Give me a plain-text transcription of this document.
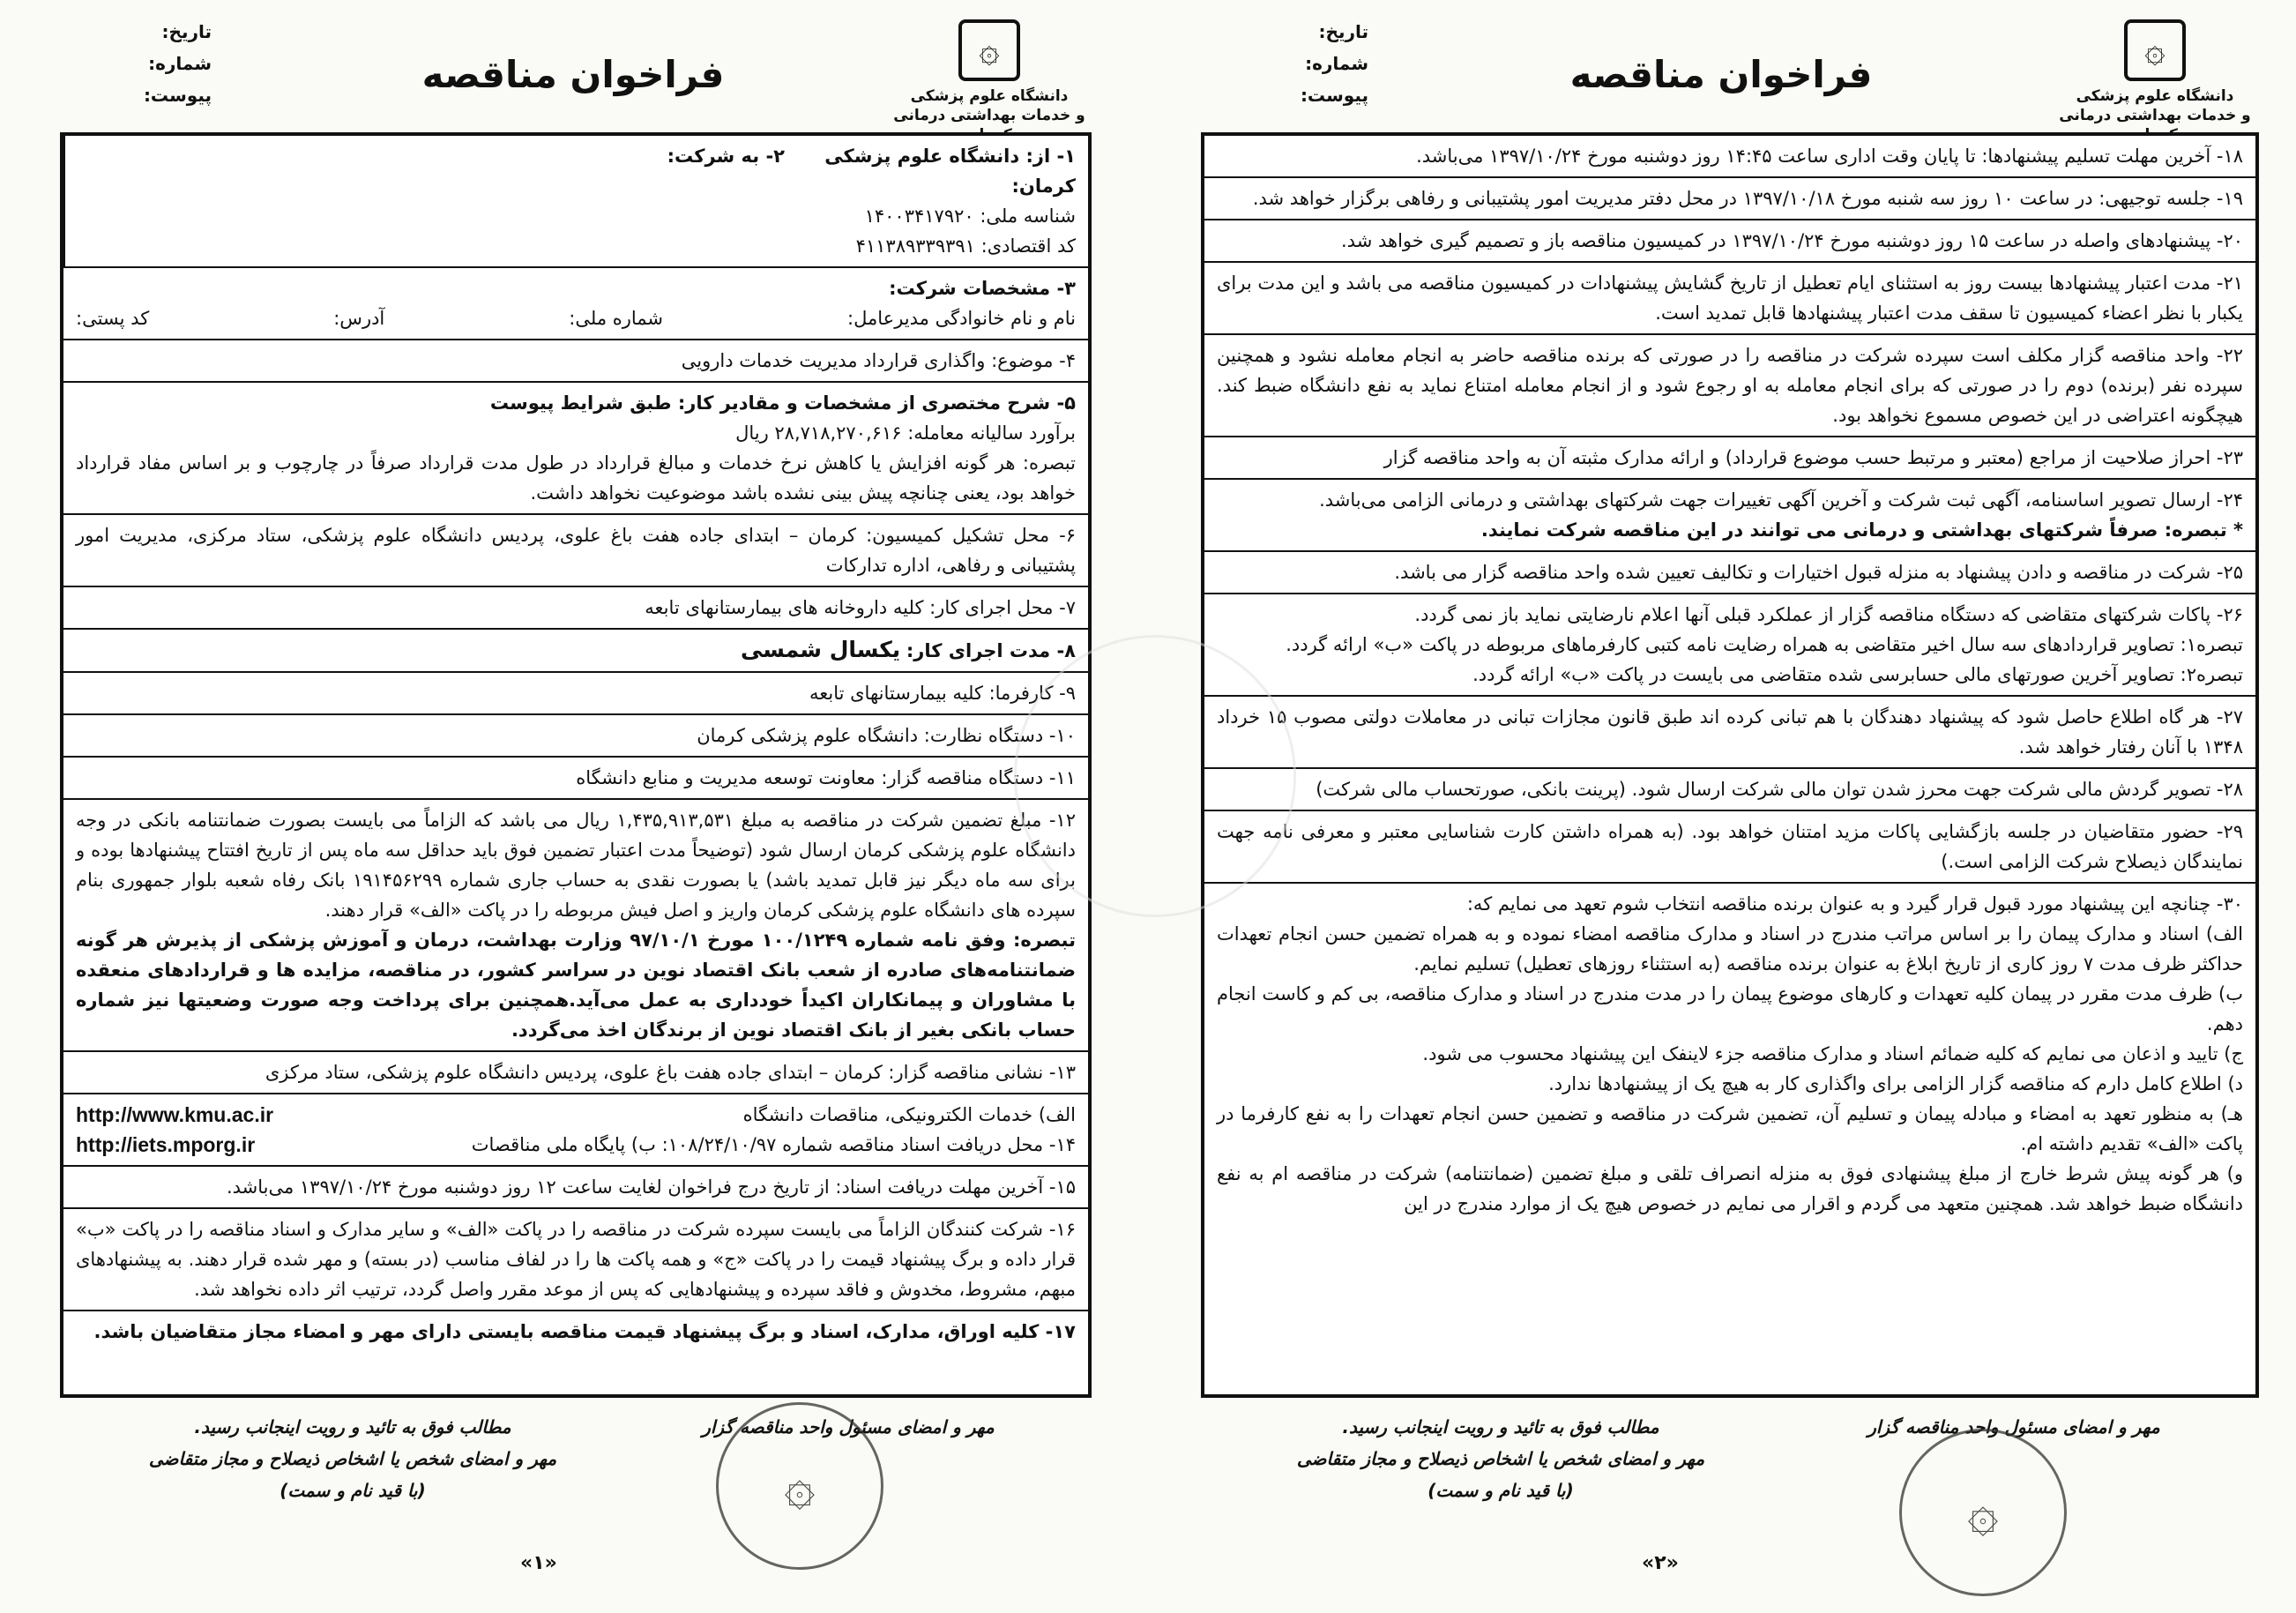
۞
دانشگاه علوم پزشکی
و خدمات بهداشتی درمانی
فراخوان مناقصه
تاریخ:
شماره:
پیوست:
۱۸- آخرین مهلت تسلیم پیشنهادها: تا پایان وقت اداری ساعت ۱۴:۴۵ روز دوشنبه مورخ ۱۳۹۷/۱۰/۲۴ می‌باشد.
۱۹- جلسه توجیهی: در ساعت ۱۰ روز سه شنبه مورخ ۱۳۹۷/۱۰/۱۸ در محل دفتر مدیریت امور پشتیبانی و رفاهی برگزار خواهد شد.
۲۰- پیشنهادهای واصله در ساعت ۱۵ روز دوشنبه مورخ ۱۳۹۷/۱۰/۲۴ در کمیسیون مناقصه باز و تصمیم گیری خواهد شد.
۲۱- مدت اعتبار پیشنهادها بیست روز به استثنای ایام تعطیل از تاریخ گشایش پیشنهادات در کمیسیون مناقصه می باشد و این مدت برای یکبار با نظر اعضاء کمیسیون تا سقف مدت اعتبار پیشنهادها قابل تمدید است.
۲۲- واحد مناقصه گزار مکلف است سپرده شرکت در مناقصه را در صورتی که برنده مناقصه حاضر به انجام معامله نشود و همچنین سپرده نفر (برنده) دوم را در صورتی که برای انجام معامله به او رجوع شود و از انجام معامله امتناع نماید به نفع دانشگاه ضبط کند. هیچگونه اعتراضی در این خصوص مسموع نخواهد بود.
۲۳- احراز صلاحیت از مراجع (معتبر و مرتبط حسب موضوع قرارداد) و ارائه مدارک مثبته آن به واحد مناقصه گزار
۲۴- ارسال تصویر اساسنامه، آگهی ثبت شرکت و آخرین آگهی تغییرات جهت شرکتهای بهداشتی و درمانی الزامی می‌باشد.
* تبصره: صرفاً شرکتهای بهداشتی و درمانی می توانند در این مناقصه شرکت نمایند.
۲۵- شرکت در مناقصه و دادن پیشنهاد به منزله قبول اختیارات و تکالیف تعیین شده واحد مناقصه گزار می باشد.
۲۶- پاکات شرکتهای متقاضی که دستگاه مناقصه گزار از عملکرد قبلی آنها اعلام نارضایتی نماید باز نمی گردد.
تبصره۱: تصاویر قراردادهای سه سال اخیر متقاضی به همراه رضایت نامه کتبی کارفرماهای مربوطه در پاکت «ب» ارائه گردد.
تبصره۲: تصاویر آخرین صورتهای مالی حسابرسی شده متقاضی می بایست در پاکت «ب» ارائه گردد.
۲۷- هر گاه اطلاع حاصل شود که پیشنهاد دهندگان با هم تبانی کرده اند طبق قانون مجازات تبانی در معاملات دولتی مصوب ۱۵ خرداد ۱۳۴۸ با آنان رفتار خواهد شد.
۲۸- تصویر گردش مالی شرکت جهت محرز شدن توان مالی شرکت ارسال شود. (پرینت بانکی، صورتحساب مالی شرکت)
۲۹- حضور متقاضیان در جلسه بازگشایی پاکات مزید امتنان خواهد بود. (به همراه داشتن کارت شناسایی معتبر و معرفی نامه جهت نمایندگان ذیصلاح شرکت الزامی است.)
۳۰- چنانچه این پیشنهاد مورد قبول قرار گیرد و به عنوان برنده مناقصه انتخاب شوم تعهد می نمایم که:
الف) اسناد و مدارک پیمان را بر اساس مراتب مندرج در اسناد و مدارک مناقصه امضاء نموده و به همراه تضمین حسن انجام تعهدات حداکثر ظرف مدت ۷ روز کاری از تاریخ ابلاغ به عنوان برنده مناقصه (به استثناء روزهای تعطیل) تسلیم نمایم.
ب) ظرف مدت مقرر در پیمان کلیه تعهدات و کارهای موضوع پیمان را در مدت مندرج در اسناد و مدارک مناقصه، بی کم و کاست انجام دهم.
ج) تایید و اذعان می نمایم که کلیه ضمائم اسناد و مدارک مناقصه جزء لاینفک این پیشنهاد محسوب می شود.
د) اطلاع کامل دارم که مناقصه گزار الزامی برای واگذاری کار به هیچ یک از پیشنهادها ندارد.
هـ) به منظور تعهد به امضاء و مبادله پیمان و تسلیم آن، تضمین شرکت در مناقصه و تضمین حسن انجام تعهدات را به نفع کارفرما در پاکت «الف» تقدیم داشته ام.
و) هر گونه پیش شرط خارج از مبلغ پیشنهادی فوق به منزله انصراف تلقی و مبلغ تضمین (ضمانتنامه) شرکت در مناقصه ام به نفع دانشگاه ضبط خواهد شد. همچنین متعهد می گردم و اقرار می نمایم در خصوص هیچ یک از موارد مندرج در این
مهر و امضای مسئول واحد مناقصه گزار
مطالب فوق به تائید و رویت اینجانب رسید.
مهر و امضای شخص یا اشخاص ذیصلاح و مجاز متقاضی
(با قید نام و سمت)	۞
«۲»
۞
دانشگاه علوم پزشکی
و خدمات بهداشتی درمانی
فراخوان مناقصه
تاریخ:
شماره:
پیوست:
۱- از: دانشگاه علوم پزشکی کرمان:
شناسه ملی: ۱۴۰۰۳۴۱۷۹۲۰
کد اقتصادی: ۴۱۱۳۸۹۳۳۹۳۹۱
۲- به شرکت:
۳- مشخصات شرکت:
نام و نام خانوادگی مدیرعامل:
شماره ملی:
آدرس:
کد پستی:
۴- موضوع: واگذاری قرارداد مدیریت خدمات دارویی
۵- شرح مختصری از مشخصات و مقادیر کار: طبق شرایط پیوست
برآورد سالیانه معامله: ۲۸,۷۱۸,۲۷۰,۶۱۶ ریال
تبصره: هر گونه افزایش یا کاهش نرخ خدمات و مبالغ قرارداد در طول مدت قرارداد صرفاً در چارچوب و بر اساس مفاد قرارداد خواهد بود، یعنی چنانچه پیش بینی نشده باشد موضوعیت نخواهد داشت.
۶- محل تشکیل کمیسیون: کرمان – ابتدای جاده هفت باغ علوی، پردیس دانشگاه علوم پزشکی، ستاد مرکزی، مدیریت امور پشتیبانی و رفاهی، اداره تدارکات
۷- محل اجرای کار: کلیه داروخانه های بیمارستانهای تابعه
۸- مدت اجرای کار: یکسال شمسی
۹- کارفرما: کلیه بیمارستانهای تابعه
۱۰- دستگاه نظارت: دانشگاه علوم پزشکی کرمان
۱۱- دستگاه مناقصه گزار: معاونت توسعه مدیریت و منابع دانشگاه
۱۲- مبلغ تضمین شرکت در مناقصه به مبلغ ۱,۴۳۵,۹۱۳,۵۳۱ ریال می باشد که الزاماً می بایست بصورت ضمانتنامه بانکی در وجه دانشگاه علوم پزشکی کرمان ارسال شود (توضیحاً مدت اعتبار تضمین فوق باید حداقل سه ماه پس از تاریخ افتتاح پیشنهادها بوده و برای سه ماه دیگر نیز قابل تمدید باشد) یا بصورت نقدی به حساب جاری شماره ۱۹۱۴۵۶۲۹۹ بانک رفاه شعبه بلوار جمهوری بنام سپرده های دانشگاه علوم پزشکی کرمان واریز و اصل فیش مربوطه را در پاکت «الف» قرار دهند.
تبصره: وفق نامه شماره ۱۰۰/۱۲۴۹ مورخ ۹۷/۱۰/۱ وزارت بهداشت، درمان و آموزش پزشکی از پذیرش هر گونه ضمانتنامه‌های صادره از شعب بانک اقتصاد نوین در سراسر کشور، در مناقصه، مزایده ها و قراردادهای منعقده با مشاوران و پیمانکاران اکیداً خودداری به عمل می‌آید.همچنین برای پرداخت وجه صورت وضعیتها نیز شماره حساب بانکی بغیر از بانک اقتصاد نوین از برندگان اخذ می‌گردد.
۱۳- نشانی مناقصه گزار: کرمان – ابتدای جاده هفت باغ علوی، پردیس دانشگاه علوم پزشکی، ستاد مرکزی
الف) خدمات الکترونیکی، مناقصات دانشگاه
http://www.kmu.ac.ir
۱۴- محل دریافت اسناد مناقصه شماره ۱۰۸/۲۴/۱۰/۹۷: ب) پایگاه ملی مناقصات
http://iets.mporg.ir
۱۵- آخرین مهلت دریافت اسناد: از تاریخ درج فراخوان لغایت ساعت ۱۲ روز دوشنبه مورخ ۱۳۹۷/۱۰/۲۴ می‌باشد.
۱۶- شرکت کنندگان الزاماً می بایست سپرده شرکت در مناقصه را در پاکت «الف» و سایر مدارک و اسناد مناقصه را در پاکت «ب» قرار داده و برگ پیشنهاد قیمت را در پاکت «ج» و همه پاکت ها را در لفاف مناسب (در بسته) و مهر شده قرار دهند. به پیشنهادهای مبهم، مشروط، مخدوش و فاقد سپرده و پیشنهادهایی که پس از موعد مقرر واصل گردد، ترتیب اثر داده نخواهد شد.
۱۷- کلیه اوراق، مدارک، اسناد و برگ پیشنهاد قیمت مناقصه بایستی دارای مهر و امضاء مجاز متقاضیان باشد.
مهر و امضای مسئول واحد مناقصه گزار
مطالب فوق به تائید و رویت اینجانب رسید.
مهر و امضای شخص یا اشخاص ذیصلاح و مجاز متقاضی
(با قید نام و سمت)	۞
«۱»
